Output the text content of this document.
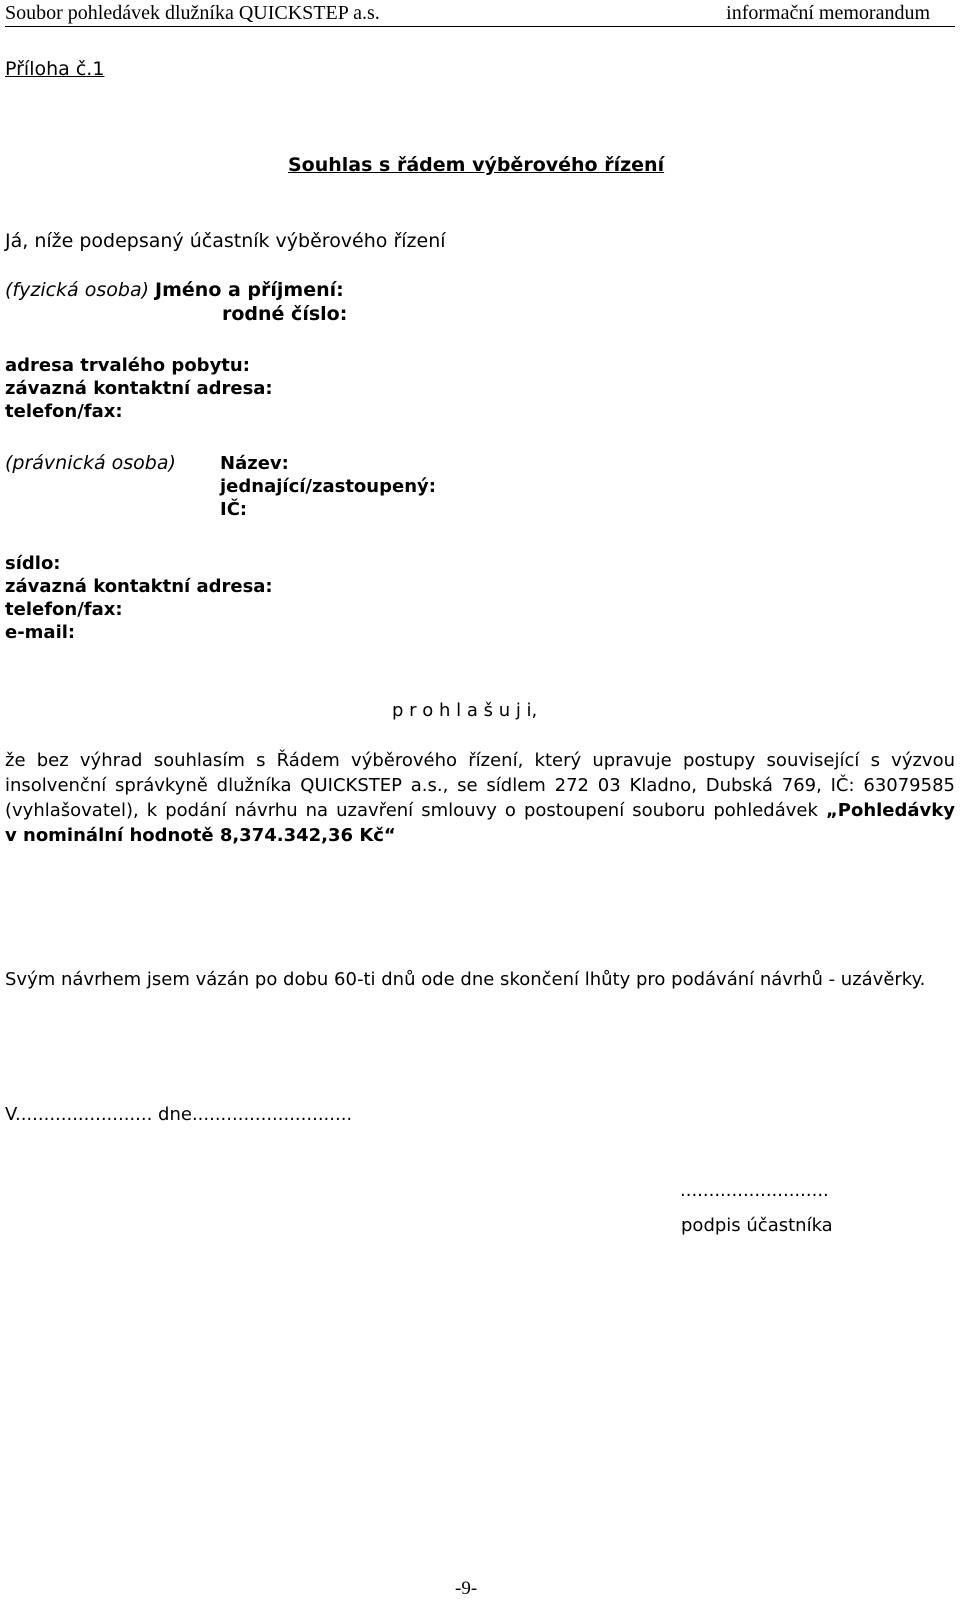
Soubor pohledávek dlužníka QUICKSTEP a.s.	informační memorandum
Příloha č.1
Souhlas s řádem výběrového řízení
Já, níže podepsaný účastník výběrového řízení
(fyzická osoba) Jméno a příjmení:
rodné číslo:
adresa trvalého pobytu:
závazná kontaktní adresa:
telefon/fax:
(právnická osoba) Název:
jednající/zastoupený:
IČ:
sídlo:
závazná kontaktní adresa:
telefon/fax:
e-mail:
p r o h l a š u j i,
že bez výhrad souhlasím s Řádem výběrového řízení, který upravuje postupy související s výzvou
insolvenční správkyně dlužníka QUICKSTEP a.s., se sídlem 272 03 Kladno, Dubská 769, IČ: 63079585
(vyhlašovatel), k podání návrhu na uzavření smlouvy o postoupení souboru pohledávek „Pohledávky
v nominální hodnotě 8,374.342,36 Kč“
Svým návrhem jsem vázán po dobu 60-ti dnů ode dne skončení lhůty pro podávání návrhů - uzávěrky.
V........................ dne............................
..........................
podpis účastníka
-9-
